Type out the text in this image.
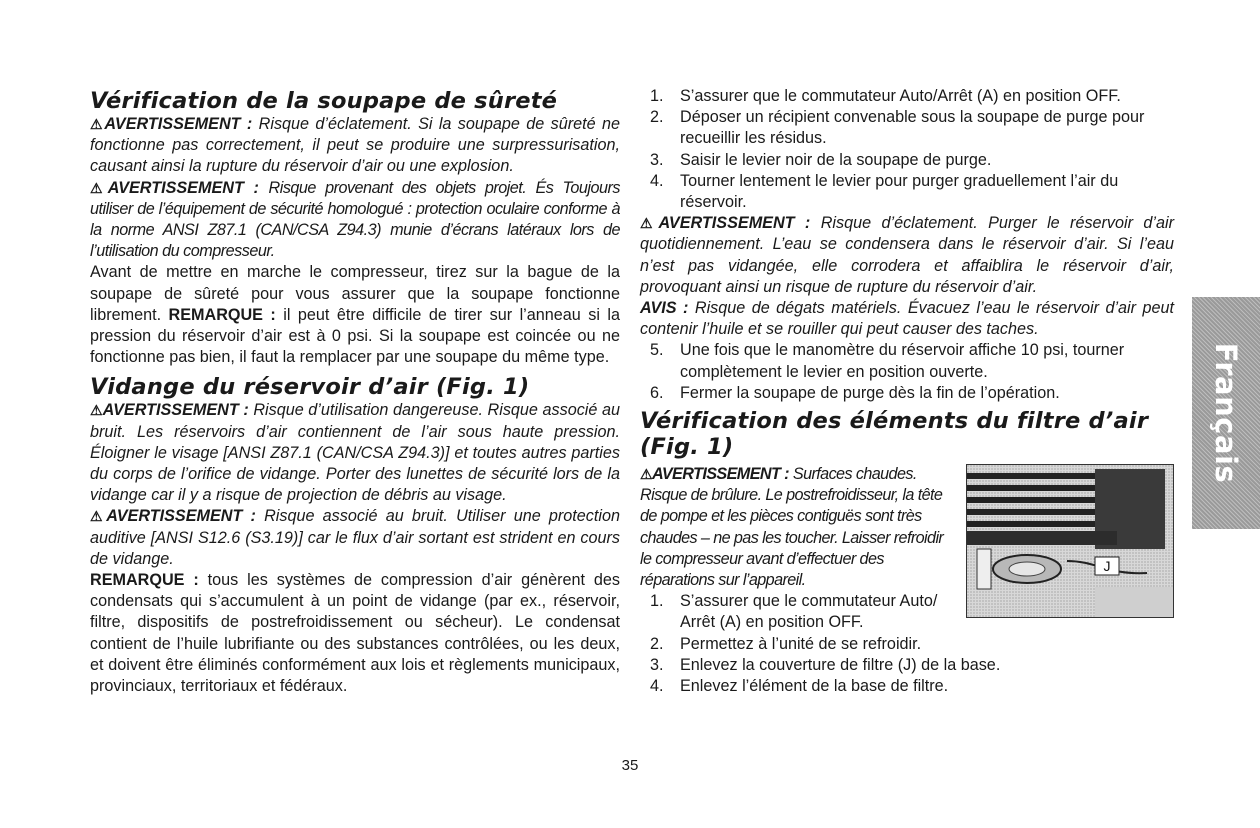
Vérification de la soupape de sûreté

⚠AVERTISSEMENT : Risque d’éclatement. Si la soupape de sûreté ne fonctionne pas correctement, il peut se produire une surpressurisation, causant ainsi la rupture du réservoir d’air ou une explosion.

⚠AVERTISSEMENT : Risque provenant des objets projet. És Toujours utiliser de l’équipement de sécurité homologué : protection oculaire conforme à la norme ANSI Z87.1 (CAN/CSA Z94.3) munie d’écrans latéraux lors de l’utilisation du compresseur.

Avant de mettre en marche le compresseur, tirez sur la bague de la soupape de sûreté pour vous assurer que la soupape fonctionne librement. REMARQUE : il peut être difficile de tirer sur l’anneau si la pression du réservoir d’air est à 0 psi. Si la soupape est coincée ou ne fonctionne pas bien, il faut la remplacer par une soupape du même type.

Vidange du réservoir d’air (Fig. 1)

⚠AVERTISSEMENT : Risque d’utilisation dangereuse. Risque associé au bruit. Les réservoirs d’air contiennent de l’air sous haute pression. Éloigner le visage [ANSI Z87.1 (CAN/CSA Z94.3)] et toutes autres parties du corps de l’orifice de vidange. Porter des lunettes de sécurité lors de la vidange car il y a risque de projection de débris au visage.

⚠AVERTISSEMENT : Risque associé au bruit. Utiliser une protection auditive [ANSI S12.6 (S3.19)] car le flux d’air sortant est strident en cours de vidange.

REMARQUE : tous les systèmes de compression d’air génèrent des condensats qui s’accumulent à un point de vidange (par ex., réservoir, filtre, dispositifs de postrefroidissement ou sécheur). Le condensat contient de l’huile lubrifiante ou des substances contrôlées, ou les deux, et doivent être éliminés conformément aux lois et règlements municipaux, provinciaux, territoriaux et fédéraux.

1. S’assurer que le commutateur Auto/Arrêt (A) en position OFF.
2. Déposer un récipient convenable sous la soupape de purge pour recueillir les résidus.
3. Saisir le levier noir de la soupape de purge.
4. Tourner lentement le levier pour purger graduellement l’air du réservoir.

⚠AVERTISSEMENT : Risque d’éclatement. Purger le réservoir d’air quotidiennement. L’eau se condensera dans le réservoir d’air. Si l’eau n’est pas vidangée, elle corrodera et affaiblira le réservoir d’air, provoquant ainsi un risque de rupture du réservoir d’air.

AVIS : Risque de dégats matériels. Évacuez l’eau le réservoir d’air peut contenir l’huile et se rouiller qui peut causer des taches.

5. Une fois que le manomètre du réservoir affiche 10 psi, tourner complètement le levier en position ouverte.
6. Fermer la soupape de purge dès la fin de l’opération.
Vérification des éléments du filtre d’air (Fig. 1)
J

⚠AVERTISSEMENT : Surfaces chaudes. Risque de brûlure. Le postrefroidisseur, la tête de pompe et les pièces contiguës sont très chaudes – ne pas les toucher. Laisser refroidir le compresseur avant d’effectuer des réparations sur l’appareil.

1. S’assurer que le commutateur Auto/ Arrêt (A) en position OFF.
2. Permettez à l’unité de se refroidir.
3. Enlevez la couverture de filtre (J) de la base.
4. Enlevez l’élément de la base de filtre.
Français
35
